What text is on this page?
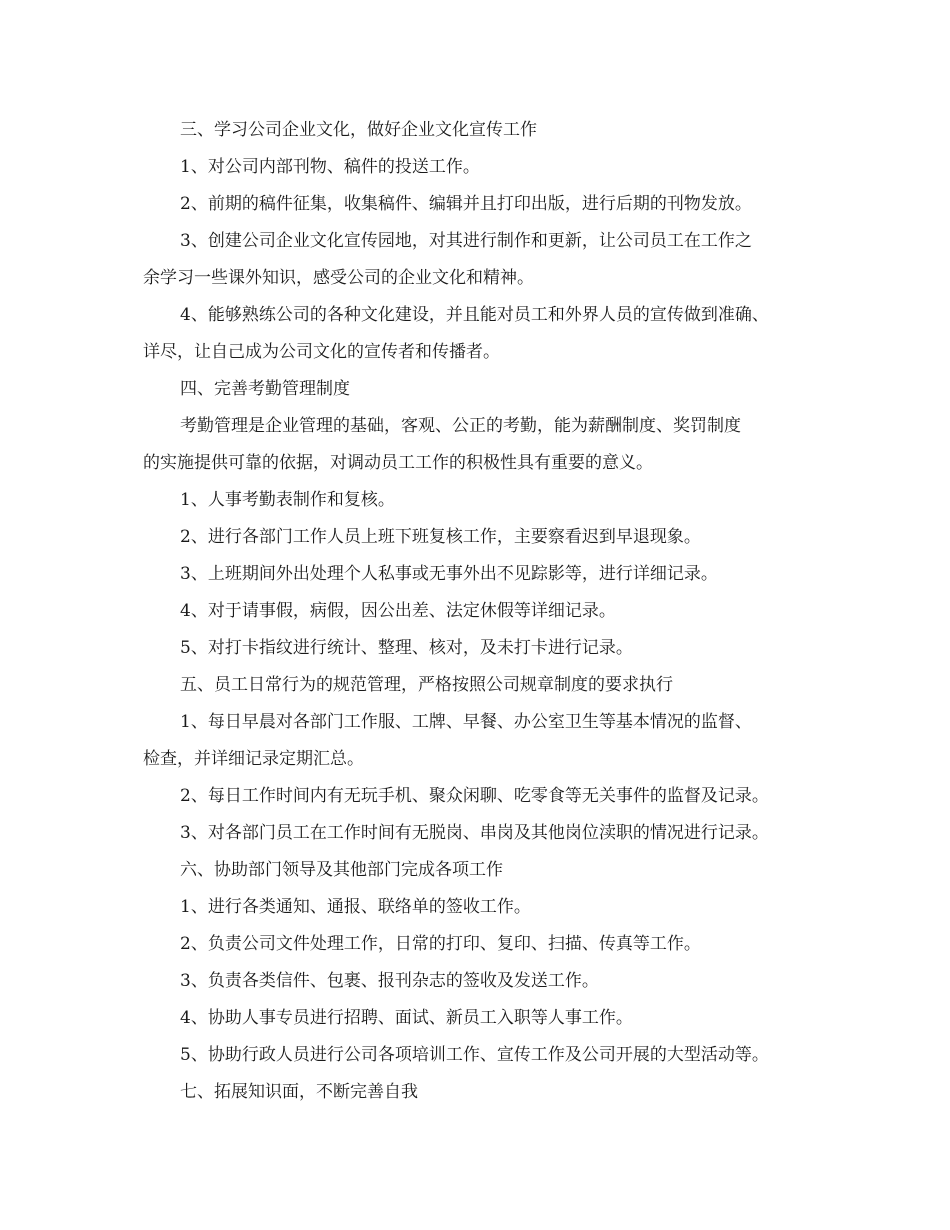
三、学习公司企业文化，做好企业文化宣传工作

1、对公司内部刊物、稿件的投送工作。

2、前期的稿件征集，收集稿件、编辑并且打印出版，进行后期的刊物发放。

3、创建公司企业文化宣传园地，对其进行制作和更新，让公司员工在工作之

余学习一些课外知识，感受公司的企业文化和精神。

4、能够熟练公司的各种文化建设，并且能对员工和外界人员的宣传做到准确、

详尽，让自己成为公司文化的宣传者和传播者。

四、完善考勤管理制度

考勤管理是企业管理的基础，客观、公正的考勤，能为薪酬制度、奖罚制度

的实施提供可靠的依据，对调动员工工作的积极性具有重要的意义。

1、人事考勤表制作和复核。

2、进行各部门工作人员上班下班复核工作，主要察看迟到早退现象。

3、上班期间外出处理个人私事或无事外出不见踪影等，进行详细记录。

4、对于请事假，病假，因公出差、法定休假等详细记录。

5、对打卡指纹进行统计、整理、核对，及未打卡进行记录。

五、员工日常行为的规范管理，严格按照公司规章制度的要求执行

1、每日早晨对各部门工作服、工牌、早餐、办公室卫生等基本情况的监督、

检查，并详细记录定期汇总。

2、每日工作时间内有无玩手机、聚众闲聊、吃零食等无关事件的监督及记录。

3、对各部门员工在工作时间有无脱岗、串岗及其他岗位渎职的情况进行记录。

六、协助部门领导及其他部门完成各项工作

1、进行各类通知、通报、联络单的签收工作。

2、负责公司文件处理工作，日常的打印、复印、扫描、传真等工作。

3、负责各类信件、包裹、报刊杂志的签收及发送工作。

4、协助人事专员进行招聘、面试、新员工入职等人事工作。

5、协助行政人员进行公司各项培训工作、宣传工作及公司开展的大型活动等。

七、拓展知识面，不断完善自我
